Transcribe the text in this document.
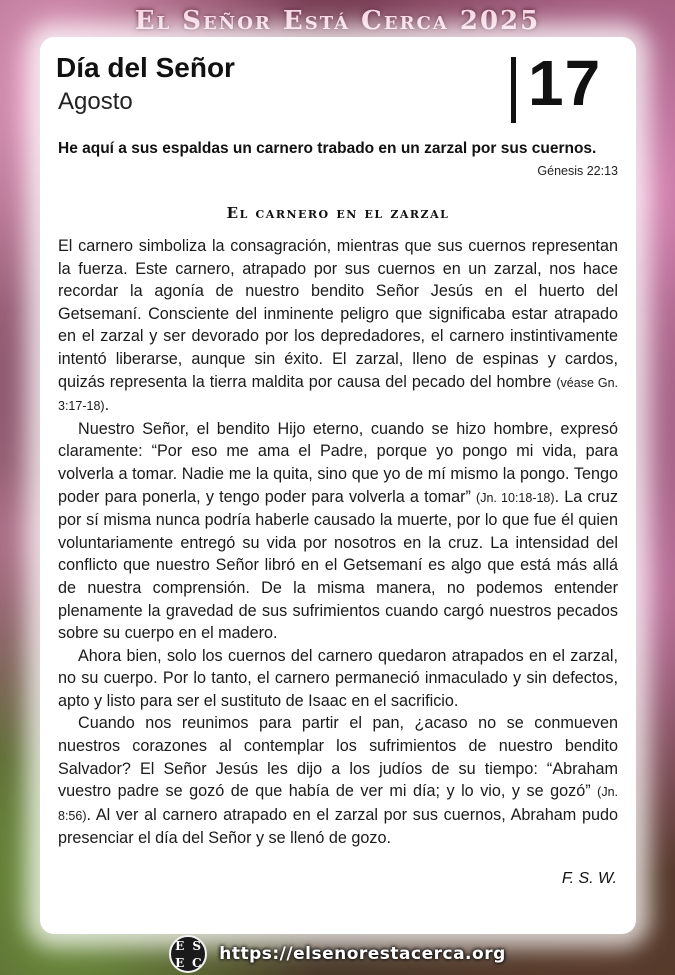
El Señor Está Cerca 2025
Día del Señor
Agosto	17
He aquí a sus espaldas un carnero trabado en un zarzal por sus cuernos.
Génesis 22:13
El carnero en el zarzal

El carnero simboliza la consagración, mientras que sus cuernos representan la fuerza. Este carnero, atrapado por sus cuernos en un zarzal, nos hace recordar la agonía de nuestro bendito Señor Jesús en el huerto del Getsemaní. Consciente del inminente peligro que significaba estar atrapado en el zarzal y ser devorado por los depredadores, el carnero instintivamente intentó liberarse, aunque sin éxito. El zarzal, lleno de espinas y cardos, quizás representa la tierra maldita por causa del pecado del hombre (véase Gn. 3:17-18).

Nuestro Señor, el bendito Hijo eterno, cuando se hizo hombre, expresó claramente: “Por eso me ama el Padre, porque yo pongo mi vida, para volverla a tomar. Nadie me la quita, sino que yo de mí mismo la pongo. Tengo poder para ponerla, y tengo poder para volverla a tomar” (Jn. 10:18-18). La cruz por sí misma nunca podría haberle causado la muerte, por lo que fue él quien voluntariamente entregó su vida por nosotros en la cruz. La intensidad del conflicto que nuestro Señor libró en el Getsemaní es algo que está más allá de nuestra comprensión. De la misma manera, no podemos entender plenamente la gravedad de sus sufrimientos cuando cargó nuestros pecados sobre su cuerpo en el madero.

Ahora bien, solo los cuernos del carnero quedaron atrapados en el zarzal, no su cuerpo. Por lo tanto, el carnero permaneció inmaculado y sin defectos, apto y listo para ser el sustituto de Isaac en el sacrificio.

Cuando nos reunimos para partir el pan, ¿acaso no se conmueven nuestros corazones al contemplar los sufrimientos de nuestro bendito Salvador? El Señor Jesús les dijo a los judíos de su tiempo: “Abraham vuestro padre se gozó de que había de ver mi día; y lo vio, y se gozó” (Jn. 8:56). Al ver al carnero atrapado en el zarzal por sus cuernos, Abraham pudo presenciar el día del Señor y se llenó de gozo.

F. S. W.
E S
E C https://elsenorestacerca.org
